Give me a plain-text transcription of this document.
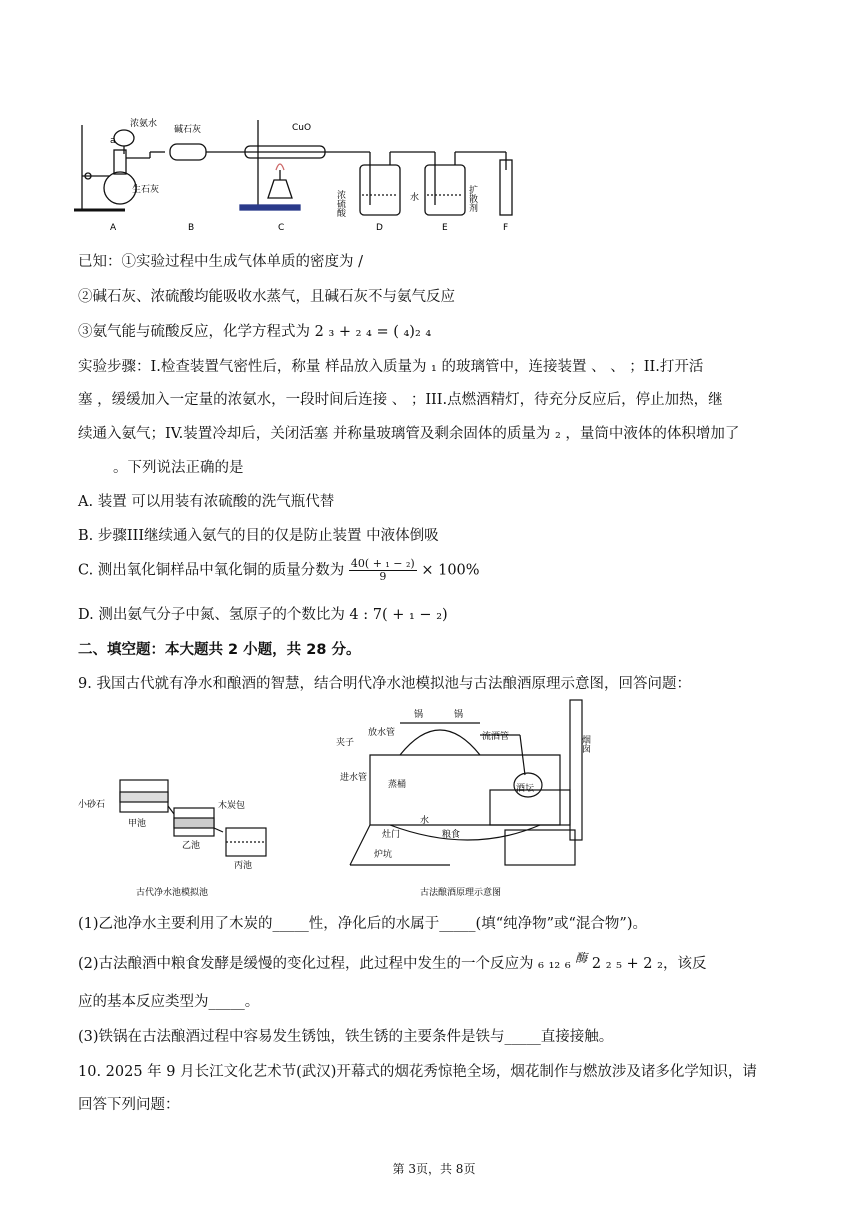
浓氨水
a
生石灰
碱石灰	CuO
浓硫酸	水	扩散剂
A	B	C	D	E	F
已知：①实验过程中生成气体单质的密度为 /
②碱石灰、浓硫酸均能吸收水蒸气，且碱石灰不与氨气反应
③氨气能与硫酸反应，化学方程式为 2 ₃ + ₂ ₄ = ( ₄)₂ ₄
实验步骤：I.检查装置气密性后，称量 样品放入质量为 ₁ 的玻璃管中，连接装置 、 、 ；II.打开活
塞 ，缓缓加入一定量的浓氨水，一段时间后连接 、 ；III.点燃酒精灯，待充分反应后，停止加热，继
续通入氨气；IV.装置冷却后，关闭活塞 并称量玻璃管及剩余固体的质量为 ₂ ，量筒中液体的体积增加了
。下列说法正确的是
A. 装置 可以用装有浓硫酸的洗气瓶代替
B. 步骤III继续通入氨气的目的仅是防止装置 中液体倒吸
C. 测出氧化铜样品中氧化铜的质量分数为 $\frac{\text{40( + ₁ − ₂)}}{9} \times 100\%$
D. 测出氨气分子中氮、氢原子的个数比为 4 : 7( + ₁ − ₂)
二、填空题：本大题共 2 小题，共 28 分。
9. 我国古代就有净水和酿酒的智慧，结合明代净水池模拟池与古法酿酒原理示意图，回答问题：
小砂石
甲池
木炭包
乙池
丙池
古代净水池模拟池
锅	锅
放水管
夹子
进水管
流酒管
酒坛
蒸桶
水
粮食
灶门
炉坑
烟囱
古法酿酒原理示意图
(1)乙池净水主要利用了木炭的_____性，净化后的水属于_____(填“纯净物”或“混合物”)。
(2)古法酿酒中粮食发酵是缓慢的变化过程，此过程中发生的一个反应为 ₆ ₁₂ ₆ $^酶$ 2 ₂ ₅ + 2 ₂，该反
应的基本反应类型为_____。
(3)铁锅在古法酿酒过程中容易发生锈蚀，铁生锈的主要条件是铁与_____直接接触。
10. 2025 年 9 月长江文化艺术节(武汉)开幕式的烟花秀惊艳全场，烟花制作与燃放涉及诸多化学知识，请
回答下列问题：
第 3页，共 8页
